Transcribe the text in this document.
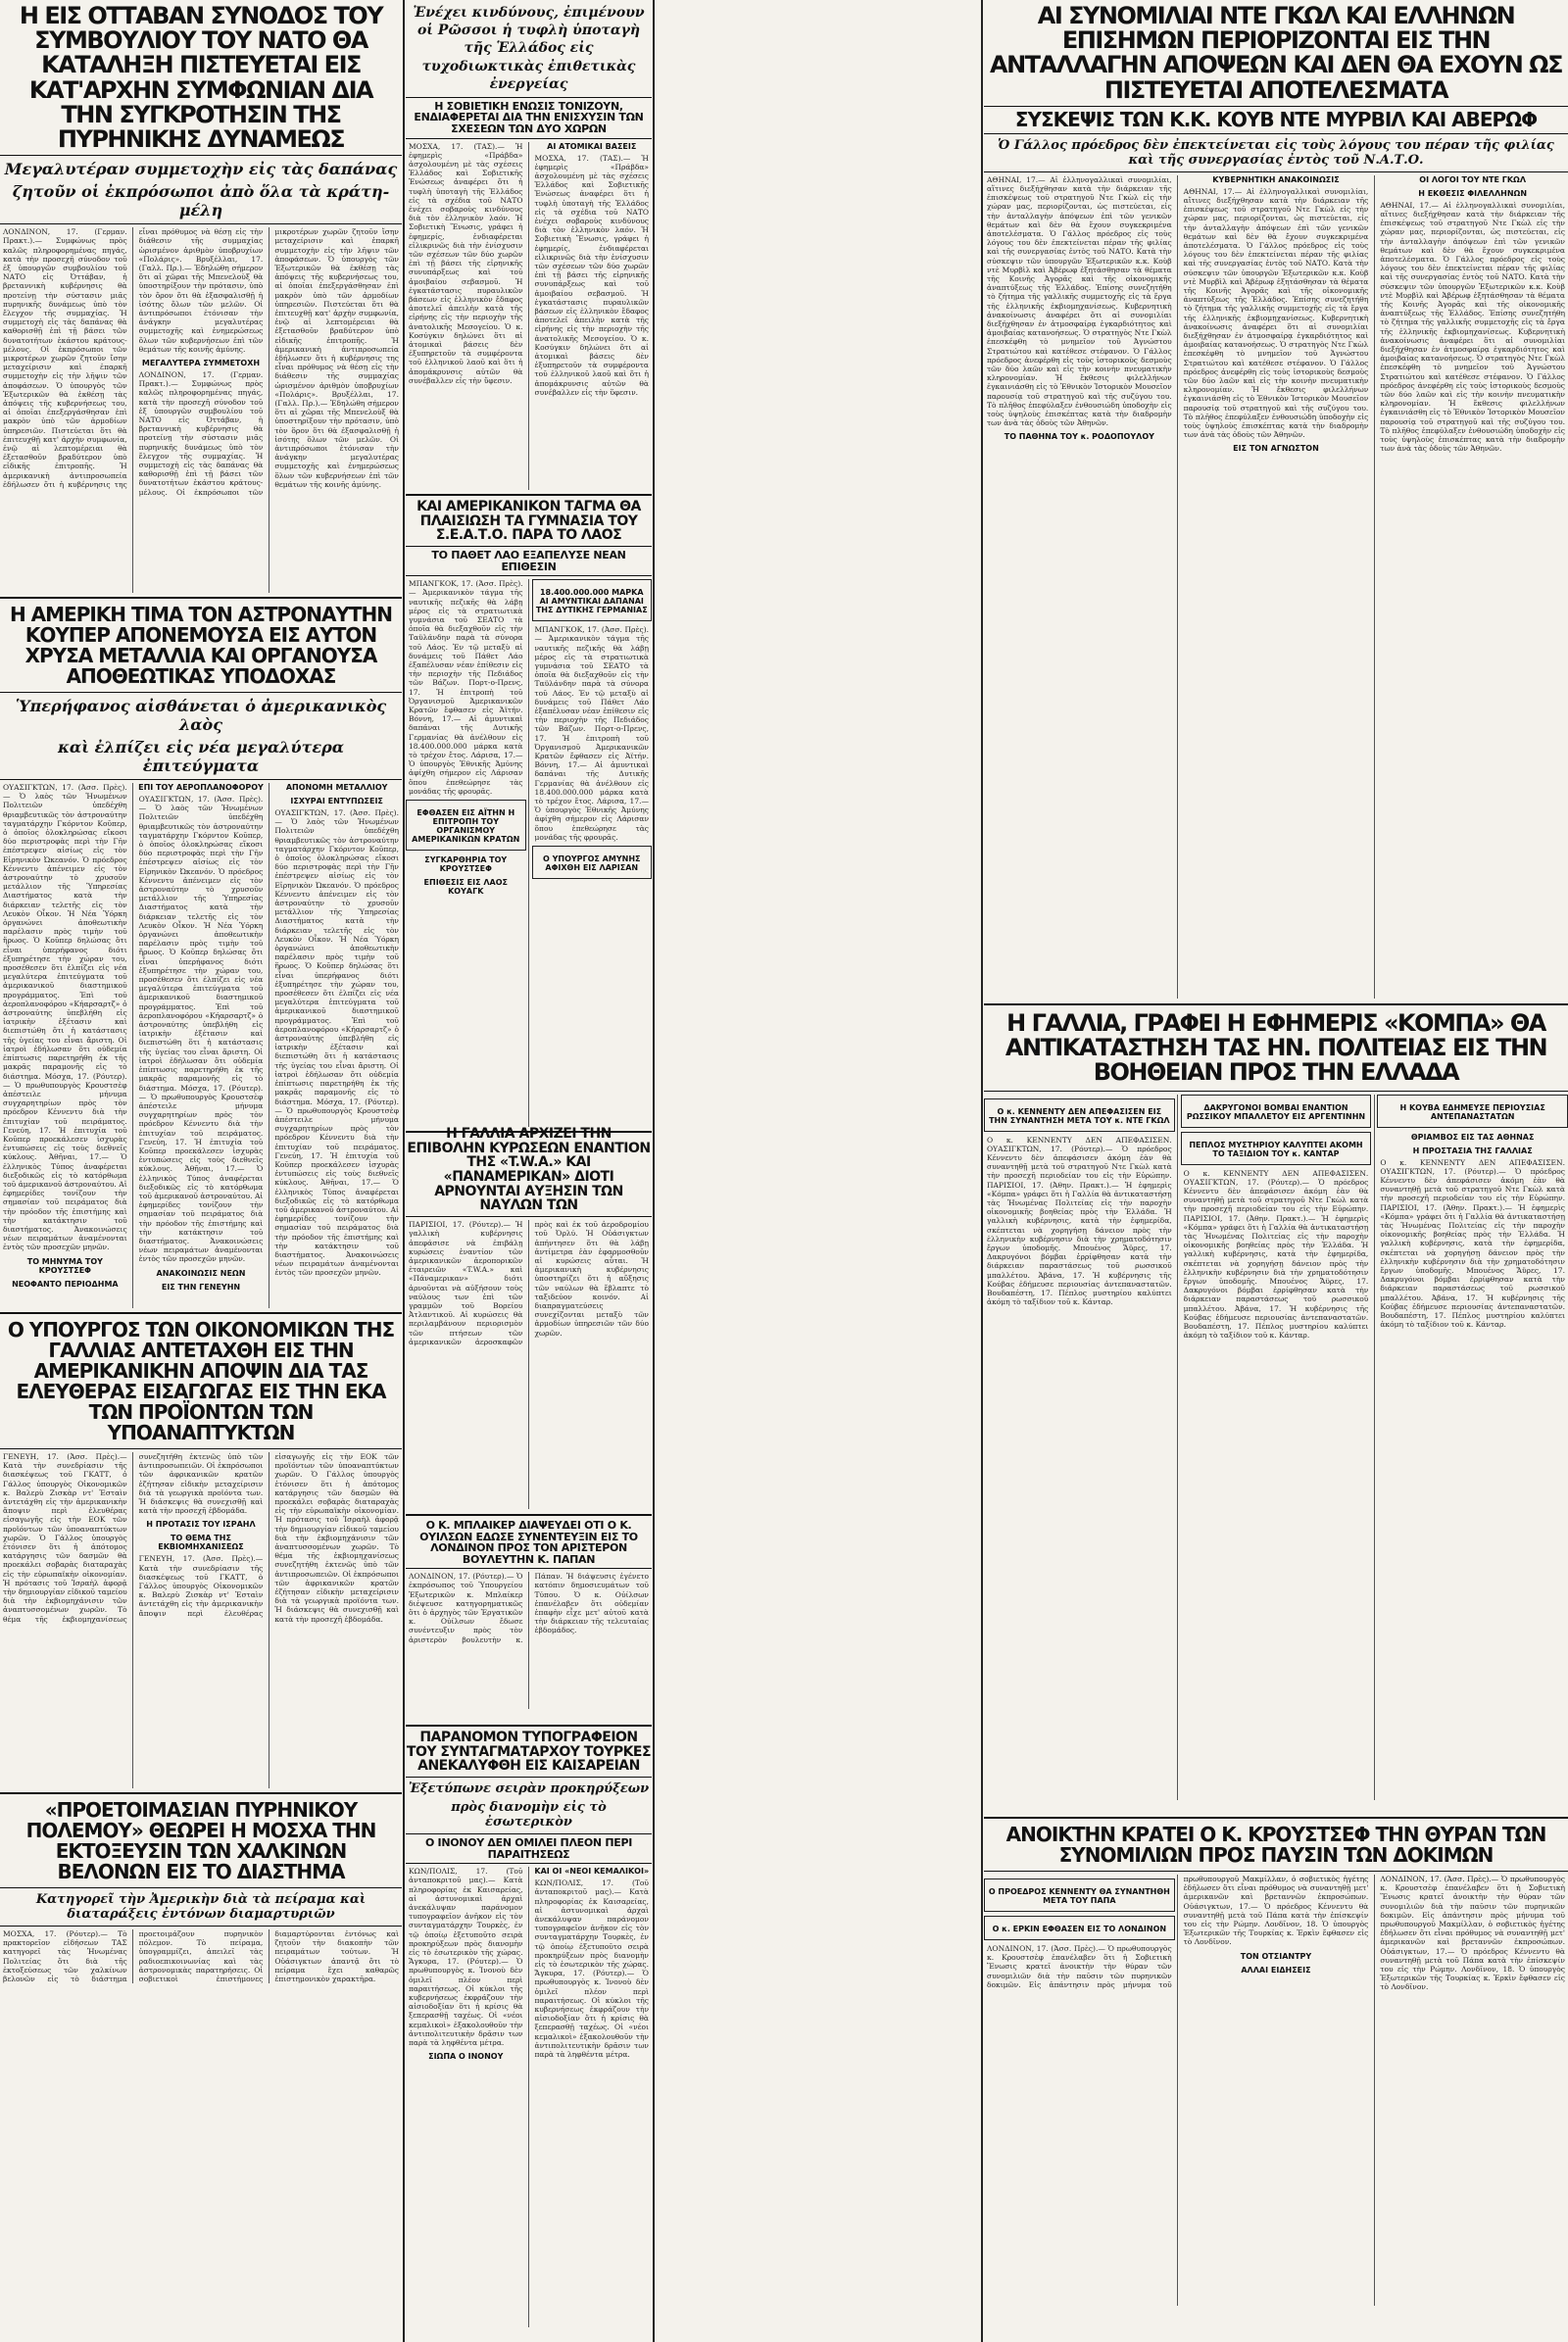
Η ΕΙΣ ΟΤΤΑΒΑΝ ΣΥΝΟΔΟΣ ΤΟΥ ΣΥΜΒΟΥΛΙΟΥ ΤΟΥ ΝΑΤΟ ΘΑ ΚΑΤΑΛΗΞΗ ΠΙΣΤΕΥΕΤΑΙ ΕΙΣ ΚΑΤ'ΑΡΧΗΝ ΣΥΜΦΩΝΙΑΝ ΔΙΑ ΤΗΝ ΣΥΓΚΡΟΤΗΣΙΝ ΤΗΣ ΠΥΡΗΝΙΚΗΣ ΔΥΝΑΜΕΩΣ
Μεγαλυτέραν συμμετοχὴν εἰς τὰς δαπάνας
ζητοῦν οἱ ἐκπρόσωποι ἀπὸ ὅλα τὰ κράτη-μέλη

ΛΟΝΔΙΝΟΝ, 17. (Γερμαν. Πρακτ.).— Συμφώνως πρὸς καλῶς πληροφορημένας πηγάς, κατὰ τὴν προσεχῆ σύνοδον τοῦ ἐξ ὑπουργῶν συμβουλίου τοῦ ΝΑΤΟ εἰς Ὀττάβαν, ἡ βρεταννικὴ κυβέρνησις θὰ προτείνῃ τὴν σύστασιν μιᾶς πυρηνικῆς δυνάμεως ὑπὸ τὸν ἔλεγχον τῆς συμμαχίας. Ἡ συμμετοχὴ εἰς τὰς δαπάνας θὰ καθορισθῇ ἐπὶ τῇ βάσει τῶν δυνατοτήτων ἑκάστου κράτους-μέλους. Οἱ ἐκπρόσωποι τῶν μικροτέρων χωρῶν ζητοῦν ἴσην μεταχείρισιν καὶ ἐπαρκῆ συμμετοχὴν εἰς τὴν λῆψιν τῶν ἀποφάσεων. Ὁ ὑπουργὸς τῶν Ἐξωτερικῶν θὰ ἐκθέσῃ τὰς ἀπόψεις τῆς κυβερνήσεως του, αἱ ὁποῖαι ἐπεξεργάσθησαν ἐπὶ μακρὸν ὑπὸ τῶν ἁρμοδίων ὑπηρεσιῶν. Πιστεύεται ὅτι θὰ ἐπιτευχθῇ κατ' ἀρχὴν συμφωνία, ἐνῷ αἱ λεπτομέρειαι θὰ ἐξετασθοῦν βραδύτερον ὑπὸ εἰδικῆς ἐπιτροπῆς. Ἡ ἀμερικανικὴ ἀντιπροσωπεία ἐδήλωσεν ὅτι ἡ κυβέρνησις της εἶναι πρόθυμος νὰ θέσῃ εἰς τὴν διάθεσιν τῆς συμμαχίας ὡρισμένον ἀριθμὸν ὑποβρυχίων «Πολάρις». Βρυξέλλαι, 17. (Γαλλ. Πρ.).— Ἐδηλώθη σήμερον ὅτι αἱ χῶραι τῆς Μπενελοὺξ θὰ ὑποστηρίξουν τὴν πρότασιν, ὑπὸ τὸν ὅρον ὅτι θὰ ἐξασφαλισθῇ ἡ ἰσότης ὅλων τῶν μελῶν. Οἱ ἀντιπρόσωποι ἐτόνισαν τὴν ἀνάγκην μεγαλυτέρας συμμετοχῆς καὶ ἐνημερώσεως ὅλων τῶν κυβερνήσεων ἐπὶ τῶν θεμάτων τῆς κοινῆς ἀμύνης.

ΜΕΓΑΛΥΤΕΡΑ ΣΥΜΜΕΤΟΧΗ

ΛΟΝΔΙΝΟΝ, 17. (Γερμαν. Πρακτ.).— Συμφώνως πρὸς καλῶς πληροφορημένας πηγάς, κατὰ τὴν προσεχῆ σύνοδον τοῦ ἐξ ὑπουργῶν συμβουλίου τοῦ ΝΑΤΟ εἰς Ὀττάβαν, ἡ βρεταννικὴ κυβέρνησις θὰ προτείνῃ τὴν σύστασιν μιᾶς πυρηνικῆς δυνάμεως ὑπὸ τὸν ἔλεγχον τῆς συμμαχίας. Ἡ συμμετοχὴ εἰς τὰς δαπάνας θὰ καθορισθῇ ἐπὶ τῇ βάσει τῶν δυνατοτήτων ἑκάστου κράτους-μέλους. Οἱ ἐκπρόσωποι τῶν μικροτέρων χωρῶν ζητοῦν ἴσην μεταχείρισιν καὶ ἐπαρκῆ συμμετοχὴν εἰς τὴν λῆψιν τῶν ἀποφάσεων. Ὁ ὑπουργὸς τῶν Ἐξωτερικῶν θὰ ἐκθέσῃ τὰς ἀπόψεις τῆς κυβερνήσεως του, αἱ ὁποῖαι ἐπεξεργάσθησαν ἐπὶ μακρὸν ὑπὸ τῶν ἁρμοδίων ὑπηρεσιῶν. Πιστεύεται ὅτι θὰ ἐπιτευχθῇ κατ' ἀρχὴν συμφωνία, ἐνῷ αἱ λεπτομέρειαι θὰ ἐξετασθοῦν βραδύτερον ὑπὸ εἰδικῆς ἐπιτροπῆς. Ἡ ἀμερικανικὴ ἀντιπροσωπεία ἐδήλωσεν ὅτι ἡ κυβέρνησις της εἶναι πρόθυμος νὰ θέσῃ εἰς τὴν διάθεσιν τῆς συμμαχίας ὡρισμένον ἀριθμὸν ὑποβρυχίων «Πολάρις». Βρυξέλλαι, 17. (Γαλλ. Πρ.).— Ἐδηλώθη σήμερον ὅτι αἱ χῶραι τῆς Μπενελοὺξ θὰ ὑποστηρίξουν τὴν πρότασιν, ὑπὸ τὸν ὅρον ὅτι θὰ ἐξασφαλισθῇ ἡ ἰσότης ὅλων τῶν μελῶν. Οἱ ἀντιπρόσωποι ἐτόνισαν τὴν ἀνάγκην μεγαλυτέρας συμμετοχῆς καὶ ἐνημερώσεως ὅλων τῶν κυβερνήσεων ἐπὶ τῶν θεμάτων τῆς κοινῆς ἀμύνης.

Η ΑΜΕΡΙΚΗ ΤΙΜΑ ΤΟΝ ΑΣΤΡΟΝΑΥΤΗΝ ΚΟΥΠΕΡ ΑΠΟΝΕΜΟΥΣΑ ΕΙΣ ΑΥΤΟΝ ΧΡΥΣΑ ΜΕΤΑΛΛΙΑ ΚΑΙ ΟΡΓΑΝΟΥΣΑ ΑΠΟΘΕΩΤΙΚΑΣ ΥΠΟΔΟΧΑΣ
Ὑπερήφανος αἰσθάνεται ὁ ἀμερικανικὸς λαὸς
καὶ ἐλπίζει εἰς νέα μεγαλύτερα ἐπιτεύγματα

ΟΥΑΣΙΓΚΤΩΝ, 17. (Ἀσσ. Πρὲς).— Ὁ λαὸς τῶν Ἡνωμένων Πολιτειῶν ὑπεδέχθη θριαμβευτικῶς τὸν ἀστροναύτην ταγματάρχην Γκόρντον Κοῦπερ, ὁ ὁποῖος ὁλοκληρώσας εἴκοσι δύο περιστροφὰς περὶ τὴν Γῆν ἐπέστρεψεν αἰσίως εἰς τὸν Εἰρηνικὸν Ὠκεανόν. Ὁ πρόεδρος Κέννεντυ ἀπένειμεν εἰς τὸν ἀστροναύτην τὸ χρυσοῦν μετάλλιον τῆς Ὑπηρεσίας Διαστήματος κατὰ τὴν διάρκειαν τελετῆς εἰς τὸν Λευκὸν Οἶκον. Ἡ Νέα Ὑόρκη ὀργανώνει ἀποθεωτικὴν παρέλασιν πρὸς τιμὴν τοῦ ἥρωος. Ὁ Κοῦπερ δηλώσας ὅτι εἶναι ὑπερήφανος διότι ἐξυπηρέτησε τὴν χώραν του, προσέθεσεν ὅτι ἐλπίζει εἰς νέα μεγαλύτερα ἐπιτεύγματα τοῦ ἀμερικανικοῦ διαστημικοῦ προγράμματος. Ἐπὶ τοῦ ἀεροπλανοφόρου «Κήαρσαρτζ» ὁ ἀστροναύτης ὑπεβλήθη εἰς ἰατρικὴν ἐξέτασιν καὶ διεπιστώθη ὅτι ἡ κατάστασις τῆς ὑγείας του εἶναι ἄριστη. Οἱ ἰατροὶ ἐδήλωσαν ὅτι οὐδεμία ἐπίπτωσις παρετηρήθη ἐκ τῆς μακρᾶς παραμονῆς εἰς τὸ διάστημα. Μόσχα, 17. (Ρόυτερ).— Ὁ πρωθυπουργὸς Κρουστσὲφ ἀπέστειλε μήνυμα συγχαρητηρίων πρὸς τὸν πρόεδρον Κέννεντυ διὰ τὴν ἐπιτυχίαν τοῦ πειράματος. Γενεύη, 17. Ἡ ἐπιτυχία τοῦ Κοῦπερ προεκάλεσεν ἰσχυρὰς ἐντυπώσεις εἰς τοὺς διεθνεῖς κύκλους. Ἀθῆναι, 17.— Ὁ ἑλληνικὸς Τύπος ἀναφέρεται διεξοδικῶς εἰς τὸ κατόρθωμα τοῦ ἀμερικανοῦ ἀστροναύτου. Αἱ ἐφημερίδες τονίζουν τὴν σημασίαν τοῦ πειράματος διὰ τὴν πρόοδον τῆς ἐπιστήμης καὶ τὴν κατάκτησιν τοῦ διαστήματος. Ἀνακοινώσεις νέων πειραμάτων ἀναμένονται ἐντὸς τῶν προσεχῶν μηνῶν.

ΤΟ ΜΗΝΥΜΑ ΤΟΥ ΚΡΟΥΣΤΣΕΦ
ΝΕΟΦΑΝΤΟ ΠΕΡΙΟΔΗΜΑ
ΕΠΙ ΤΟΥ ΑΕΡΟΠΛΑΝΟΦΟΡΟΥ

ΟΥΑΣΙΓΚΤΩΝ, 17. (Ἀσσ. Πρὲς).— Ὁ λαὸς τῶν Ἡνωμένων Πολιτειῶν ὑπεδέχθη θριαμβευτικῶς τὸν ἀστροναύτην ταγματάρχην Γκόρντον Κοῦπερ, ὁ ὁποῖος ὁλοκληρώσας εἴκοσι δύο περιστροφὰς περὶ τὴν Γῆν ἐπέστρεψεν αἰσίως εἰς τὸν Εἰρηνικὸν Ὠκεανόν. Ὁ πρόεδρος Κέννεντυ ἀπένειμεν εἰς τὸν ἀστροναύτην τὸ χρυσοῦν μετάλλιον τῆς Ὑπηρεσίας Διαστήματος κατὰ τὴν διάρκειαν τελετῆς εἰς τὸν Λευκὸν Οἶκον. Ἡ Νέα Ὑόρκη ὀργανώνει ἀποθεωτικὴν παρέλασιν πρὸς τιμὴν τοῦ ἥρωος. Ὁ Κοῦπερ δηλώσας ὅτι εἶναι ὑπερήφανος διότι ἐξυπηρέτησε τὴν χώραν του, προσέθεσεν ὅτι ἐλπίζει εἰς νέα μεγαλύτερα ἐπιτεύγματα τοῦ ἀμερικανικοῦ διαστημικοῦ προγράμματος. Ἐπὶ τοῦ ἀεροπλανοφόρου «Κήαρσαρτζ» ὁ ἀστροναύτης ὑπεβλήθη εἰς ἰατρικὴν ἐξέτασιν καὶ διεπιστώθη ὅτι ἡ κατάστασις τῆς ὑγείας του εἶναι ἄριστη. Οἱ ἰατροὶ ἐδήλωσαν ὅτι οὐδεμία ἐπίπτωσις παρετηρήθη ἐκ τῆς μακρᾶς παραμονῆς εἰς τὸ διάστημα. Μόσχα, 17. (Ρόυτερ).— Ὁ πρωθυπουργὸς Κρουστσὲφ ἀπέστειλε μήνυμα συγχαρητηρίων πρὸς τὸν πρόεδρον Κέννεντυ διὰ τὴν ἐπιτυχίαν τοῦ πειράματος. Γενεύη, 17. Ἡ ἐπιτυχία τοῦ Κοῦπερ προεκάλεσεν ἰσχυρὰς ἐντυπώσεις εἰς τοὺς διεθνεῖς κύκλους. Ἀθῆναι, 17.— Ὁ ἑλληνικὸς Τύπος ἀναφέρεται διεξοδικῶς εἰς τὸ κατόρθωμα τοῦ ἀμερικανοῦ ἀστροναύτου. Αἱ ἐφημερίδες τονίζουν τὴν σημασίαν τοῦ πειράματος διὰ τὴν πρόοδον τῆς ἐπιστήμης καὶ τὴν κατάκτησιν τοῦ διαστήματος. Ἀνακοινώσεις νέων πειραμάτων ἀναμένονται ἐντὸς τῶν προσεχῶν μηνῶν.

ΑΝΑΚΟΙΝΩΣΙΣ ΝΕΩΝ
ΕΙΣ ΤΗΝ ΓΕΝΕΥΗΝ
ΑΠΟΝΟΜΗ ΜΕΤΑΛΛΙΟΥ
ΙΣΧΥΡΑΙ ΕΝΤΥΠΩΣΕΙΣ

ΟΥΑΣΙΓΚΤΩΝ, 17. (Ἀσσ. Πρὲς).— Ὁ λαὸς τῶν Ἡνωμένων Πολιτειῶν ὑπεδέχθη θριαμβευτικῶς τὸν ἀστροναύτην ταγματάρχην Γκόρντον Κοῦπερ, ὁ ὁποῖος ὁλοκληρώσας εἴκοσι δύο περιστροφὰς περὶ τὴν Γῆν ἐπέστρεψεν αἰσίως εἰς τὸν Εἰρηνικὸν Ὠκεανόν. Ὁ πρόεδρος Κέννεντυ ἀπένειμεν εἰς τὸν ἀστροναύτην τὸ χρυσοῦν μετάλλιον τῆς Ὑπηρεσίας Διαστήματος κατὰ τὴν διάρκειαν τελετῆς εἰς τὸν Λευκὸν Οἶκον. Ἡ Νέα Ὑόρκη ὀργανώνει ἀποθεωτικὴν παρέλασιν πρὸς τιμὴν τοῦ ἥρωος. Ὁ Κοῦπερ δηλώσας ὅτι εἶναι ὑπερήφανος διότι ἐξυπηρέτησε τὴν χώραν του, προσέθεσεν ὅτι ἐλπίζει εἰς νέα μεγαλύτερα ἐπιτεύγματα τοῦ ἀμερικανικοῦ διαστημικοῦ προγράμματος. Ἐπὶ τοῦ ἀεροπλανοφόρου «Κήαρσαρτζ» ὁ ἀστροναύτης ὑπεβλήθη εἰς ἰατρικὴν ἐξέτασιν καὶ διεπιστώθη ὅτι ἡ κατάστασις τῆς ὑγείας του εἶναι ἄριστη. Οἱ ἰατροὶ ἐδήλωσαν ὅτι οὐδεμία ἐπίπτωσις παρετηρήθη ἐκ τῆς μακρᾶς παραμονῆς εἰς τὸ διάστημα. Μόσχα, 17. (Ρόυτερ).— Ὁ πρωθυπουργὸς Κρουστσὲφ ἀπέστειλε μήνυμα συγχαρητηρίων πρὸς τὸν πρόεδρον Κέννεντυ διὰ τὴν ἐπιτυχίαν τοῦ πειράματος. Γενεύη, 17. Ἡ ἐπιτυχία τοῦ Κοῦπερ προεκάλεσεν ἰσχυρὰς ἐντυπώσεις εἰς τοὺς διεθνεῖς κύκλους. Ἀθῆναι, 17.— Ὁ ἑλληνικὸς Τύπος ἀναφέρεται διεξοδικῶς εἰς τὸ κατόρθωμα τοῦ ἀμερικανοῦ ἀστροναύτου. Αἱ ἐφημερίδες τονίζουν τὴν σημασίαν τοῦ πειράματος διὰ τὴν πρόοδον τῆς ἐπιστήμης καὶ τὴν κατάκτησιν τοῦ διαστήματος. Ἀνακοινώσεις νέων πειραμάτων ἀναμένονται ἐντὸς τῶν προσεχῶν μηνῶν.

Ο ΥΠΟΥΡΓΟΣ ΤΩΝ ΟΙΚΟΝΟΜΙΚΩΝ ΤΗΣ ΓΑΛΛΙΑΣ ΑΝΤΕΤΑΧΘΗ ΕΙΣ ΤΗΝ ΑΜΕΡΙΚΑΝΙΚΗΝ ΑΠΟΨΙΝ ΔΙΑ ΤΑΣ ΕΛΕΥΘΕΡΑΣ ΕΙΣΑΓΩΓΑΣ ΕΙΣ ΤΗΝ ΕΚΑ ΤΩΝ ΠΡΟΪΟΝΤΩΝ ΤΩΝ ΥΠΟΑΝΑΠΤΥΚΤΩΝ

ΓΕΝΕΥΗ, 17. (Ἀσσ. Πρὲς).— Κατὰ τὴν συνεδρίασιν τῆς διασκέψεως τοῦ ΓΚΑΤΤ, ὁ Γάλλος ὑπουργὸς Οἰκονομικῶν κ. Βαλερὺ Ζισκὰρ ντ' Ἐσταὶν ἀντετάχθη εἰς τὴν ἀμερικανικὴν ἄποψιν περὶ ἐλευθέρας εἰσαγωγῆς εἰς τὴν ΕΟΚ τῶν προϊόντων τῶν ὑποαναπτύκτων χωρῶν. Ὁ Γάλλος ὑπουργὸς ἐτόνισεν ὅτι ἡ ἀπότομος κατάργησις τῶν δασμῶν θὰ προεκάλει σοβαρὰς διαταραχὰς εἰς τὴν εὐρωπαϊκὴν οἰκονομίαν. Ἡ πρότασις τοῦ Ἰσραὴλ ἀφορᾷ τὴν δημιουργίαν εἰδικοῦ ταμείου διὰ τὴν ἐκβιομηχάνισιν τῶν ἀναπτυσσομένων χωρῶν. Τὸ θέμα τῆς ἐκβιομηχανίσεως συνεζητήθη ἐκτενῶς ὑπὸ τῶν ἀντιπροσωπειῶν. Οἱ ἐκπρόσωποι τῶν ἀφρικανικῶν κρατῶν ἐζήτησαν εἰδικὴν μεταχείρισιν διὰ τὰ γεωργικὰ προϊόντα των. Ἡ διάσκεψις θὰ συνεχισθῇ καὶ κατὰ τὴν προσεχῆ ἑβδομάδα.

Η ΠΡΟΤΑΣΙΣ ΤΟΥ ΙΣΡΑΗΛ
ΤΟ ΘΕΜΑ ΤΗΣ ΕΚΒΙΟΜΗΧΑΝΙΣΕΩΣ

ΓΕΝΕΥΗ, 17. (Ἀσσ. Πρὲς).— Κατὰ τὴν συνεδρίασιν τῆς διασκέψεως τοῦ ΓΚΑΤΤ, ὁ Γάλλος ὑπουργὸς Οἰκονομικῶν κ. Βαλερὺ Ζισκὰρ ντ' Ἐσταὶν ἀντετάχθη εἰς τὴν ἀμερικανικὴν ἄποψιν περὶ ἐλευθέρας εἰσαγωγῆς εἰς τὴν ΕΟΚ τῶν προϊόντων τῶν ὑποαναπτύκτων χωρῶν. Ὁ Γάλλος ὑπουργὸς ἐτόνισεν ὅτι ἡ ἀπότομος κατάργησις τῶν δασμῶν θὰ προεκάλει σοβαρὰς διαταραχὰς εἰς τὴν εὐρωπαϊκὴν οἰκονομίαν. Ἡ πρότασις τοῦ Ἰσραὴλ ἀφορᾷ τὴν δημιουργίαν εἰδικοῦ ταμείου διὰ τὴν ἐκβιομηχάνισιν τῶν ἀναπτυσσομένων χωρῶν. Τὸ θέμα τῆς ἐκβιομηχανίσεως συνεζητήθη ἐκτενῶς ὑπὸ τῶν ἀντιπροσωπειῶν. Οἱ ἐκπρόσωποι τῶν ἀφρικανικῶν κρατῶν ἐζήτησαν εἰδικὴν μεταχείρισιν διὰ τὰ γεωργικὰ προϊόντα των. Ἡ διάσκεψις θὰ συνεχισθῇ καὶ κατὰ τὴν προσεχῆ ἑβδομάδα.

«ΠΡΟΕΤΟΙΜΑΣΙΑΝ ΠΥΡΗΝΙΚΟΥ ΠΟΛΕΜΟΥ» ΘΕΩΡΕΙ Η ΜΟΣΧΑ ΤΗΝ ΕΚΤΟΞΕΥΣΙΝ ΤΩΝ ΧΑΛΚΙΝΩΝ ΒΕΛΟΝΩΝ ΕΙΣ ΤΟ ΔΙΑΣΤΗΜΑ
Κατηγορεῖ τὴν Ἀμερικὴν διὰ τὰ πείραμα καὶ διαταράξεις ἐντόνων διαμαρτυριῶν

ΜΟΣΧΑ, 17. (Ρόυτερ).— Τὸ πρακτορεῖον εἰδήσεων ΤΑΣ κατηγορεῖ τὰς Ἡνωμένας Πολιτείας ὅτι διὰ τῆς ἐκτοξεύσεως τῶν χαλκίνων βελονῶν εἰς τὸ διάστημα προετοιμάζουν πυρηνικὸν πόλεμον. Τὸ πείραμα, ὑπογραμμίζει, ἀπειλεῖ τὰς ραδιοεπικοινωνίας καὶ τὰς ἀστρονομικὰς παρατηρήσεις. Οἱ σοβιετικοὶ ἐπιστήμονες διαμαρτύρονται ἐντόνως καὶ ζητοῦν τὴν διακοπὴν τῶν πειραμάτων τούτων. Ἡ Οὐάσιγκτων ἀπαντᾷ ὅτι τὸ πείραμα ἔχει καθαρῶς ἐπιστημονικὸν χαρακτῆρα.

Ἐνέχει κινδύνους, ἐπιμένουν οἱ Ρῶσσοι ἡ τυφλὴ ὑποταγὴ τῆς Ἑλλάδος εἰς τυχοδιωκτικὰς ἐπιθετικὰς ἐνεργείας
Η ΣΟΒΙΕΤΙΚΗ ΕΝΩΣΙΣ ΤΟΝΙΖΟΥΝ, ΕΝΔΙΑΦΕΡΕΤΑΙ ΔΙΑ ΤΗΝ ΕΝΙΣΧΥΣΙΝ ΤΩΝ ΣΧΕΣΕΩΝ ΤΩΝ ΔΥΟ ΧΩΡΩΝ

ΜΟΣΧΑ, 17. (ΤΑΣ).— Ἡ ἐφημερὶς «Πράβδα» ἀσχολουμένη μὲ τὰς σχέσεις Ἑλλάδος καὶ Σοβιετικῆς Ἑνώσεως ἀναφέρει ὅτι ἡ τυφλὴ ὑποταγὴ τῆς Ἑλλάδος εἰς τὰ σχέδια τοῦ ΝΑΤΟ ἐνέχει σοβαροὺς κινδύνους διὰ τὸν ἑλληνικὸν λαόν. Ἡ Σοβιετικὴ Ἕνωσις, γράφει ἡ ἐφημερίς, ἐνδιαφέρεται εἰλικρινῶς διὰ τὴν ἐνίσχυσιν τῶν σχέσεων τῶν δύο χωρῶν ἐπὶ τῇ βάσει τῆς εἰρηνικῆς συνυπάρξεως καὶ τοῦ ἀμοιβαίου σεβασμοῦ. Ἡ ἐγκατάστασις πυραυλικῶν βάσεων εἰς ἑλληνικὸν ἔδαφος ἀποτελεῖ ἀπειλὴν κατὰ τῆς εἰρήνης εἰς τὴν περιοχὴν τῆς ἀνατολικῆς Μεσογείου. Ὁ κ. Κοσύγκιν δηλώνει ὅτι αἱ ἀτομικαὶ βάσεις δὲν ἐξυπηρετοῦν τὰ συμφέροντα τοῦ ἑλληνικοῦ λαοῦ καὶ ὅτι ἡ ἀπομάκρυνσις αὐτῶν θὰ συνέβαλλεν εἰς τὴν ὕφεσιν.

ΑΙ ΑΤΟΜΙΚΑΙ ΒΑΣΕΙΣ

ΜΟΣΧΑ, 17. (ΤΑΣ).— Ἡ ἐφημερὶς «Πράβδα» ἀσχολουμένη μὲ τὰς σχέσεις Ἑλλάδος καὶ Σοβιετικῆς Ἑνώσεως ἀναφέρει ὅτι ἡ τυφλὴ ὑποταγὴ τῆς Ἑλλάδος εἰς τὰ σχέδια τοῦ ΝΑΤΟ ἐνέχει σοβαροὺς κινδύνους διὰ τὸν ἑλληνικὸν λαόν. Ἡ Σοβιετικὴ Ἕνωσις, γράφει ἡ ἐφημερίς, ἐνδιαφέρεται εἰλικρινῶς διὰ τὴν ἐνίσχυσιν τῶν σχέσεων τῶν δύο χωρῶν ἐπὶ τῇ βάσει τῆς εἰρηνικῆς συνυπάρξεως καὶ τοῦ ἀμοιβαίου σεβασμοῦ. Ἡ ἐγκατάστασις πυραυλικῶν βάσεων εἰς ἑλληνικὸν ἔδαφος ἀποτελεῖ ἀπειλὴν κατὰ τῆς εἰρήνης εἰς τὴν περιοχὴν τῆς ἀνατολικῆς Μεσογείου. Ὁ κ. Κοσύγκιν δηλώνει ὅτι αἱ ἀτομικαὶ βάσεις δὲν ἐξυπηρετοῦν τὰ συμφέροντα τοῦ ἑλληνικοῦ λαοῦ καὶ ὅτι ἡ ἀπομάκρυνσις αὐτῶν θὰ συνέβαλλεν εἰς τὴν ὕφεσιν.

ΚΑΙ ΑΜΕΡΙΚΑΝΙΚΟΝ ΤΑΓΜΑ ΘΑ ΠΛΑΙΣΙΩΣΗ ΤΑ ΓΥΜΝΑΣΙΑ ΤΟΥ Σ.Ε.Α.Τ.Ο. ΠΑΡΑ ΤΟ ΛΑΟΣ
ΤΟ ΠΑΘΕΤ ΛΑΟ ΕΞΑΠΕΛΥΣΕ ΝΕΑΝ ΕΠΙΘΕΣΙΝ

ΜΠΑΝΓΚΟΚ, 17. (Ἀσσ. Πρὲς).— Ἀμερικανικὸν τάγμα τῆς ναυτικῆς πεζικῆς θὰ λάβῃ μέρος εἰς τὰ στρατιωτικὰ γυμνάσια τοῦ ΣΕΑΤΟ τὰ ὁποῖα θὰ διεξαχθοῦν εἰς τὴν Ταϋλάνδην παρὰ τὰ σύνορα τοῦ Λάος. Ἐν τῷ μεταξὺ αἱ δυνάμεις τοῦ Πάθετ Λάο ἐξαπέλυσαν νέαν ἐπίθεσιν εἰς τὴν περιοχὴν τῆς Πεδιάδος τῶν Βάζων. Πορτ-ο-Πρενς, 17. Ἡ ἐπιτροπὴ τοῦ Ὀργανισμοῦ Ἀμερικανικῶν Κρατῶν ἔφθασεν εἰς Ἀϊτήν. Βόννη, 17.— Αἱ ἀμυντικαὶ δαπάναι τῆς Δυτικῆς Γερμανίας θὰ ἀνέλθουν εἰς 18.400.000.000 μάρκα κατὰ τὸ τρέχον ἔτος. Λάρισα, 17.— Ὁ ὑπουργὸς Ἐθνικῆς Ἀμύνης ἀφίχθη σήμερον εἰς Λάρισαν ὅπου ἐπεθεώρησε τὰς μονάδας τῆς φρουρᾶς.

ΕΦΘΑΣΕΝ ΕΙΣ ΑΪΤΗΝ Η ΕΠΙΤΡΟΠΗ ΤΟΥ ΟΡΓΑΝΙΣΜΟΥ ΑΜΕΡΙΚΑΝΙΚΩΝ ΚΡΑΤΩΝ
ΣΥΓΚΑΡΘΗΡΙΑ ΤΟΥ ΚΡΟΥΣΤΣΕΦ
ΕΠΙΘΕΣΙΣ ΕΙΣ ΛΑΟΣ ΚΟΥΑΓΚ
18.400.000.000 ΜΑΡΚΑ ΑΙ ΑΜΥΝΤΙΚΑΙ ΔΑΠΑΝΑΙ ΤΗΣ ΔΥΤΙΚΗΣ ΓΕΡΜΑΝΙΑΣ

ΜΠΑΝΓΚΟΚ, 17. (Ἀσσ. Πρὲς).— Ἀμερικανικὸν τάγμα τῆς ναυτικῆς πεζικῆς θὰ λάβῃ μέρος εἰς τὰ στρατιωτικὰ γυμνάσια τοῦ ΣΕΑΤΟ τὰ ὁποῖα θὰ διεξαχθοῦν εἰς τὴν Ταϋλάνδην παρὰ τὰ σύνορα τοῦ Λάος. Ἐν τῷ μεταξὺ αἱ δυνάμεις τοῦ Πάθετ Λάο ἐξαπέλυσαν νέαν ἐπίθεσιν εἰς τὴν περιοχὴν τῆς Πεδιάδος τῶν Βάζων. Πορτ-ο-Πρενς, 17. Ἡ ἐπιτροπὴ τοῦ Ὀργανισμοῦ Ἀμερικανικῶν Κρατῶν ἔφθασεν εἰς Ἀϊτήν. Βόννη, 17.— Αἱ ἀμυντικαὶ δαπάναι τῆς Δυτικῆς Γερμανίας θὰ ἀνέλθουν εἰς 18.400.000.000 μάρκα κατὰ τὸ τρέχον ἔτος. Λάρισα, 17.— Ὁ ὑπουργὸς Ἐθνικῆς Ἀμύνης ἀφίχθη σήμερον εἰς Λάρισαν ὅπου ἐπεθεώρησε τὰς μονάδας τῆς φρουρᾶς.

Ο ΥΠΟΥΡΓΟΣ ΑΜΥΝΗΣ ΑΦΙΧΘΗ ΕΙΣ ΛΑΡΙΣΑΝ
Η ΓΑΛΛΙΑ ΑΡΧΙΖΕΙ ΤΗΝ ΕΠΙΒΟΛΗΝ ΚΥΡΩΣΕΩΝ ΕΝΑΝΤΙΟΝ ΤΗΣ «T.W.A.» ΚΑΙ «ΠΑΝΑΜΕΡΙΚΑΝ» ΔΙΟΤΙ ΑΡΝΟΥΝΤΑΙ ΑΥΞΗΣΙΝ ΤΩΝ ΝΑΥΛΩΝ ΤΩΝ

ΠΑΡΙΣΙΟΙ, 17. (Ρόυτερ).— Ἡ γαλλικὴ κυβέρνησις ἀπεφάσισε νὰ ἐπιβάλῃ κυρώσεις ἐναντίον τῶν ἀμερικανικῶν ἀεροπορικῶν ἑταιρειῶν «T.W.A.» καὶ «Πάναμερικαν» διότι ἀρνοῦνται νὰ αὐξήσουν τοὺς ναύλους των ἐπὶ τῶν γραμμῶν τοῦ Βορείου Ἀτλαντικοῦ. Αἱ κυρώσεις θὰ περιλαμβάνουν περιορισμὸν τῶν πτήσεων τῶν ἀμερικανικῶν ἀεροσκαφῶν πρὸς καὶ ἐκ τοῦ ἀεροδρομίου τοῦ Ὀρλύ. Ἡ Οὐάσιγκτων ἀπήντησεν ὅτι θὰ λάβῃ ἀντίμετρα ἐὰν ἐφαρμοσθοῦν αἱ κυρώσεις αὗται. Ἡ ἀμερικανικὴ κυβέρνησις ὑποστηρίζει ὅτι ἡ αὔξησις τῶν ναύλων θὰ ἔβλαπτε τὸ ταξιδεύον κοινόν. Αἱ διαπραγματεύσεις συνεχίζονται μεταξὺ τῶν ἁρμοδίων ὑπηρεσιῶν τῶν δύο χωρῶν.

Ο Κ. ΜΠΛΑΙΚΕΡ ΔΙΑΨΕΥΔΕΙ ΟΤΙ Ο Κ. ΟΥΙΛΣΩΝ ΕΔΩΣΕ ΣΥΝΕΝΤΕΥΞΙΝ ΕΙΣ ΤΟ ΛΟΝΔΙΝΟΝ ΠΡΟΣ ΤΟΝ ΑΡΙΣΤΕΡΟΝ ΒΟΥΛΕΥΤΗΝ Κ. ΠΑΠΑΝ

ΛΟΝΔΙΝΟΝ, 17. (Ρόυτερ).— Ὁ ἐκπρόσωπος τοῦ Ὑπουργείου Ἐξωτερικῶν κ. Μπλαίκερ διέψευσε κατηγορηματικῶς ὅτι ὁ ἀρχηγὸς τῶν Ἐργατικῶν κ. Οὐίλσων ἔδωσε συνέντευξιν πρὸς τὸν ἀριστερὸν βουλευτὴν κ. Πάπαν. Ἡ διάψευσις ἐγένετο κατόπιν δημοσιευμάτων τοῦ Τύπου. Ὁ κ. Οὐίλσων ἐπανέλαβεν ὅτι οὐδεμίαν ἐπαφὴν εἶχε μετ' αὐτοῦ κατὰ τὴν διάρκειαν τῆς τελευταίας ἑβδομάδος.

ΠΑΡΑΝΟΜΟΝ ΤΥΠΟΓΡΑΦΕΙΟΝ ΤΟΥ ΣΥΝΤΑΓΜΑΤΑΡΧΟΥ ΤΟΥΡΚΕΣ ΑΝΕΚΑΛΥΦΘΗ ΕΙΣ ΚΑΙΣΑΡΕΙΑΝ
Ἐξετύπωνε σειρὰν προκηρύξεων
πρὸς διανομὴν εἰς τὸ ἐσωτερικὸν
Ο ΙΝΟΝΟΥ ΔΕΝ ΟΜΙΛΕΙ ΠΛΕΟΝ ΠΕΡΙ ΠΑΡΑΙΤΗΣΕΩΣ

ΚΩΝ/ΠΟΛΙΣ, 17. (Τοῦ ἀνταποκριτοῦ μας).— Κατὰ πληροφορίας ἐκ Καισαρείας, αἱ ἀστυνομικαὶ ἀρχαὶ ἀνεκάλυψαν παράνομον τυπογραφεῖον ἀνῆκον εἰς τὸν συνταγματάρχην Τουρκὲς, ἐν τῷ ὁποίῳ ἐξετυποῦτο σειρὰ προκηρύξεων πρὸς διανομὴν εἰς τὸ ἐσωτερικὸν τῆς χώρας. Ἄγκυρα, 17. (Ρόυτερ).— Ὁ πρωθυπουργὸς κ. Ἰνονοὺ δὲν ὁμιλεῖ πλέον περὶ παραιτήσεως. Οἱ κύκλοι τῆς κυβερνήσεως ἐκφράζουν τὴν αἰσιοδοξίαν ὅτι ἡ κρίσις θὰ ξεπερασθῇ ταχέως. Οἱ «νέοι κεμαλικοὶ» ἐξακολουθοῦν τὴν ἀντιπολιτευτικὴν δρᾶσιν των παρὰ τὰ ληφθέντα μέτρα.

ΣΙΩΠΑ Ο ΙΝΟΝΟΥ
ΚΑΙ ΟΙ «ΝΕΟΙ ΚΕΜΑΛΙΚΟΙ»

ΚΩΝ/ΠΟΛΙΣ, 17. (Τοῦ ἀνταποκριτοῦ μας).— Κατὰ πληροφορίας ἐκ Καισαρείας, αἱ ἀστυνομικαὶ ἀρχαὶ ἀνεκάλυψαν παράνομον τυπογραφεῖον ἀνῆκον εἰς τὸν συνταγματάρχην Τουρκὲς, ἐν τῷ ὁποίῳ ἐξετυποῦτο σειρὰ προκηρύξεων πρὸς διανομὴν εἰς τὸ ἐσωτερικὸν τῆς χώρας. Ἄγκυρα, 17. (Ρόυτερ).— Ὁ πρωθυπουργὸς κ. Ἰνονοὺ δὲν ὁμιλεῖ πλέον περὶ παραιτήσεως. Οἱ κύκλοι τῆς κυβερνήσεως ἐκφράζουν τὴν αἰσιοδοξίαν ὅτι ἡ κρίσις θὰ ξεπερασθῇ ταχέως. Οἱ «νέοι κεμαλικοὶ» ἐξακολουθοῦν τὴν ἀντιπολιτευτικὴν δρᾶσιν των παρὰ τὰ ληφθέντα μέτρα.

ΑΙ ΣΥΝΟΜΙΛΙΑΙ ΝΤΕ ΓΚΩΛ ΚΑΙ ΕΛΛΗΝΩΝ ΕΠΙΣΗΜΩΝ ΠΕΡΙΟΡΙΖΟΝΤΑΙ ΕΙΣ ΤΗΝ ΑΝΤΑΛΛΑΓΗΝ ΑΠΟΨΕΩΝ ΚΑΙ ΔΕΝ ΘΑ ΕΧΟΥΝ ΩΣ ΠΙΣΤΕΥΕΤΑΙ ΑΠΟΤΕΛΕΣΜΑΤΑ
ΣΥΣΚΕΨΙΣ ΤΩΝ Κ.Κ. ΚΟΥΒ ΝΤΕ ΜΥΡΒΙΛ ΚΑΙ ΑΒΕΡΩΦ
Ὁ Γάλλος πρόεδρος δὲν ἐπεκτείνεται εἰς τοὺς λόγους του πέραν τῆς φιλίας καὶ τῆς συνεργασίας ἐντὸς τοῦ Ν.Α.Τ.Ο.

ΑΘΗΝΑΙ, 17.— Αἱ ἑλληνογαλλικαὶ συνομιλίαι, αἵτινες διεξήχθησαν κατὰ τὴν διάρκειαν τῆς ἐπισκέψεως τοῦ στρατηγοῦ Ντε Γκὼλ εἰς τὴν χώραν μας, περιορίζονται, ὡς πιστεύεται, εἰς τὴν ἀνταλλαγὴν ἀπόψεων ἐπὶ τῶν γενικῶν θεμάτων καὶ δὲν θὰ ἔχουν συγκεκριμένα ἀποτελέσματα. Ὁ Γάλλος πρόεδρος εἰς τοὺς λόγους του δὲν ἐπεκτείνεται πέραν τῆς φιλίας καὶ τῆς συνεργασίας ἐντὸς τοῦ ΝΑΤΟ. Κατὰ τὴν σύσκεψιν τῶν ὑπουργῶν Ἐξωτερικῶν κ.κ. Κοὺβ ντὲ Μυρβὶλ καὶ Ἀβέρωφ ἐξητάσθησαν τὰ θέματα τῆς Κοινῆς Ἀγορᾶς καὶ τῆς οἰκονομικῆς ἀναπτύξεως τῆς Ἑλλάδος. Ἐπίσης συνεζητήθη τὸ ζήτημα τῆς γαλλικῆς συμμετοχῆς εἰς τὰ ἔργα τῆς ἑλληνικῆς ἐκβιομηχανίσεως. Κυβερνητικὴ ἀνακοίνωσις ἀναφέρει ὅτι αἱ συνομιλίαι διεξήχθησαν ἐν ἀτμοσφαίρᾳ ἐγκαρδιότητος καὶ ἀμοιβαίας κατανοήσεως. Ὁ στρατηγὸς Ντε Γκὼλ ἐπεσκέφθη τὸ μνημεῖον τοῦ Ἀγνώστου Στρατιώτου καὶ κατέθεσε στέφανον. Ὁ Γάλλος πρόεδρος ἀνεφέρθη εἰς τοὺς ἱστορικοὺς δεσμοὺς τῶν δύο λαῶν καὶ εἰς τὴν κοινὴν πνευματικὴν κληρονομίαν. Ἡ ἔκθεσις φιλελλήνων ἐγκαινιάσθη εἰς τὸ Ἐθνικὸν Ἱστορικὸν Μουσεῖον παρουσίᾳ τοῦ στρατηγοῦ καὶ τῆς συζύγου του. Τὸ πλῆθος ἐπεφύλαξεν ἐνθουσιώδη ὑποδοχὴν εἰς τοὺς ὑψηλοὺς ἐπισκέπτας κατὰ τὴν διαδρομὴν των ἀνὰ τὰς ὁδοὺς τῶν Ἀθηνῶν.

ΤΟ ΠΑΘΗΝΑ ΤΟΥ κ. ΡΟΔΟΠΟΥΛΟΥ
ΚΥΒΕΡΝΗΤΙΚΗ ΑΝΑΚΟΙΝΩΣΙΣ

ΑΘΗΝΑΙ, 17.— Αἱ ἑλληνογαλλικαὶ συνομιλίαι, αἵτινες διεξήχθησαν κατὰ τὴν διάρκειαν τῆς ἐπισκέψεως τοῦ στρατηγοῦ Ντε Γκὼλ εἰς τὴν χώραν μας, περιορίζονται, ὡς πιστεύεται, εἰς τὴν ἀνταλλαγὴν ἀπόψεων ἐπὶ τῶν γενικῶν θεμάτων καὶ δὲν θὰ ἔχουν συγκεκριμένα ἀποτελέσματα. Ὁ Γάλλος πρόεδρος εἰς τοὺς λόγους του δὲν ἐπεκτείνεται πέραν τῆς φιλίας καὶ τῆς συνεργασίας ἐντὸς τοῦ ΝΑΤΟ. Κατὰ τὴν σύσκεψιν τῶν ὑπουργῶν Ἐξωτερικῶν κ.κ. Κοὺβ ντὲ Μυρβὶλ καὶ Ἀβέρωφ ἐξητάσθησαν τὰ θέματα τῆς Κοινῆς Ἀγορᾶς καὶ τῆς οἰκονομικῆς ἀναπτύξεως τῆς Ἑλλάδος. Ἐπίσης συνεζητήθη τὸ ζήτημα τῆς γαλλικῆς συμμετοχῆς εἰς τὰ ἔργα τῆς ἑλληνικῆς ἐκβιομηχανίσεως. Κυβερνητικὴ ἀνακοίνωσις ἀναφέρει ὅτι αἱ συνομιλίαι διεξήχθησαν ἐν ἀτμοσφαίρᾳ ἐγκαρδιότητος καὶ ἀμοιβαίας κατανοήσεως. Ὁ στρατηγὸς Ντε Γκὼλ ἐπεσκέφθη τὸ μνημεῖον τοῦ Ἀγνώστου Στρατιώτου καὶ κατέθεσε στέφανον. Ὁ Γάλλος πρόεδρος ἀνεφέρθη εἰς τοὺς ἱστορικοὺς δεσμοὺς τῶν δύο λαῶν καὶ εἰς τὴν κοινὴν πνευματικὴν κληρονομίαν. Ἡ ἔκθεσις φιλελλήνων ἐγκαινιάσθη εἰς τὸ Ἐθνικὸν Ἱστορικὸν Μουσεῖον παρουσίᾳ τοῦ στρατηγοῦ καὶ τῆς συζύγου του. Τὸ πλῆθος ἐπεφύλαξεν ἐνθουσιώδη ὑποδοχὴν εἰς τοὺς ὑψηλοὺς ἐπισκέπτας κατὰ τὴν διαδρομὴν των ἀνὰ τὰς ὁδοὺς τῶν Ἀθηνῶν.

ΕΙΣ ΤΟΝ ΑΓΝΩΣΤΟΝ
ΟΙ ΛΟΓΟΙ ΤΟΥ ΝΤΕ ΓΚΩΛ
Η ΕΚΘΕΣΙΣ ΦΙΛΕΛΛΗΝΩΝ

ΑΘΗΝΑΙ, 17.— Αἱ ἑλληνογαλλικαὶ συνομιλίαι, αἵτινες διεξήχθησαν κατὰ τὴν διάρκειαν τῆς ἐπισκέψεως τοῦ στρατηγοῦ Ντε Γκὼλ εἰς τὴν χώραν μας, περιορίζονται, ὡς πιστεύεται, εἰς τὴν ἀνταλλαγὴν ἀπόψεων ἐπὶ τῶν γενικῶν θεμάτων καὶ δὲν θὰ ἔχουν συγκεκριμένα ἀποτελέσματα. Ὁ Γάλλος πρόεδρος εἰς τοὺς λόγους του δὲν ἐπεκτείνεται πέραν τῆς φιλίας καὶ τῆς συνεργασίας ἐντὸς τοῦ ΝΑΤΟ. Κατὰ τὴν σύσκεψιν τῶν ὑπουργῶν Ἐξωτερικῶν κ.κ. Κοὺβ ντὲ Μυρβὶλ καὶ Ἀβέρωφ ἐξητάσθησαν τὰ θέματα τῆς Κοινῆς Ἀγορᾶς καὶ τῆς οἰκονομικῆς ἀναπτύξεως τῆς Ἑλλάδος. Ἐπίσης συνεζητήθη τὸ ζήτημα τῆς γαλλικῆς συμμετοχῆς εἰς τὰ ἔργα τῆς ἑλληνικῆς ἐκβιομηχανίσεως. Κυβερνητικὴ ἀνακοίνωσις ἀναφέρει ὅτι αἱ συνομιλίαι διεξήχθησαν ἐν ἀτμοσφαίρᾳ ἐγκαρδιότητος καὶ ἀμοιβαίας κατανοήσεως. Ὁ στρατηγὸς Ντε Γκὼλ ἐπεσκέφθη τὸ μνημεῖον τοῦ Ἀγνώστου Στρατιώτου καὶ κατέθεσε στέφανον. Ὁ Γάλλος πρόεδρος ἀνεφέρθη εἰς τοὺς ἱστορικοὺς δεσμοὺς τῶν δύο λαῶν καὶ εἰς τὴν κοινὴν πνευματικὴν κληρονομίαν. Ἡ ἔκθεσις φιλελλήνων ἐγκαινιάσθη εἰς τὸ Ἐθνικὸν Ἱστορικὸν Μουσεῖον παρουσίᾳ τοῦ στρατηγοῦ καὶ τῆς συζύγου του. Τὸ πλῆθος ἐπεφύλαξεν ἐνθουσιώδη ὑποδοχὴν εἰς τοὺς ὑψηλοὺς ἐπισκέπτας κατὰ τὴν διαδρομὴν των ἀνὰ τὰς ὁδοὺς τῶν Ἀθηνῶν.

Η ΓΑΛΛΙΑ, ΓΡΑΦΕΙ Η ΕΦΗΜΕΡΙΣ «ΚΟΜΠΑ» ΘΑ ΑΝΤΙΚΑΤΑΣΤΗΣΗ ΤΑΣ ΗΝ. ΠΟΛΙΤΕΙΑΣ ΕΙΣ ΤΗΝ ΒΟΗΘΕΙΑΝ ΠΡΟΣ ΤΗΝ ΕΛΛΑΔΑ
Ο κ. ΚΕΝΝΕΝΤΥ ΔΕΝ ΑΠΕΦΑΣΙΣΕΝ ΕΙΣ ΤΗΝ ΣΥΝΑΝΤΗΣΗ ΜΕΤΑ ΤΟΥ κ. ΝΤΕ ΓΚΩΛ

Ο κ. ΚΕΝΝΕΝΤΥ ΔΕΝ ΑΠΕΦΑΣΙΣΕΝ. ΟΥΑΣΙΓΚΤΩΝ, 17. (Ρόυτερ).— Ὁ πρόεδρος Κέννεντυ δὲν ἀπεφάσισεν ἀκόμη ἐὰν θὰ συναντηθῇ μετὰ τοῦ στρατηγοῦ Ντε Γκὼλ κατὰ τὴν προσεχῆ περιοδείαν του εἰς τὴν Εὐρώπην. ΠΑΡΙΣΙΟΙ, 17. (Ἀθην. Πρακτ.).— Ἡ ἐφημερὶς «Κόμπα» γράφει ὅτι ἡ Γαλλία θὰ ἀντικαταστήσῃ τὰς Ἡνωμένας Πολιτείας εἰς τὴν παροχὴν οἰκονομικῆς βοηθείας πρὸς τὴν Ἑλλάδα. Ἡ γαλλικὴ κυβέρνησις, κατὰ τὴν ἐφημερίδα, σκέπτεται νὰ χορηγήσῃ δάνειον πρὸς τὴν ἑλληνικὴν κυβέρνησιν διὰ τὴν χρηματοδότησιν ἔργων ὑποδομῆς. Μπουένος Ἄϋρες, 17. Δακρυγόνοι βόμβαι ἐρρίφθησαν κατὰ τὴν διάρκειαν παραστάσεως τοῦ ρωσσικοῦ μπαλλέτου. Ἀβάνα, 17. Ἡ κυβέρνησις τῆς Κούβας ἐδήμευσε περιουσίας ἀντεπαναστατῶν. Βουδαπέστη, 17. Πέπλος μυστηρίου καλύπτει ἀκόμη τὸ ταξίδιον τοῦ κ. Κάνταρ.

ΔΑΚΡΥΓΟΝΟΙ ΒΟΜΒΑΙ ΕΝΑΝΤΙΟΝ ΡΩΣΣΙΚΟΥ ΜΠΑΛΛΕΤΟΥ ΕΙΣ ΑΡΓΕΝΤΙΝΗΝ
ΠΕΠΛΟΣ ΜΥΣΤΗΡΙΟΥ ΚΑΛΥΠΤΕΙ ΑΚΟΜΗ ΤΟ ΤΑΞΙΔΙΟΝ ΤΟΥ κ. ΚΑΝΤΑΡ

Ο κ. ΚΕΝΝΕΝΤΥ ΔΕΝ ΑΠΕΦΑΣΙΣΕΝ. ΟΥΑΣΙΓΚΤΩΝ, 17. (Ρόυτερ).— Ὁ πρόεδρος Κέννεντυ δὲν ἀπεφάσισεν ἀκόμη ἐὰν θὰ συναντηθῇ μετὰ τοῦ στρατηγοῦ Ντε Γκὼλ κατὰ τὴν προσεχῆ περιοδείαν του εἰς τὴν Εὐρώπην. ΠΑΡΙΣΙΟΙ, 17. (Ἀθην. Πρακτ.).— Ἡ ἐφημερὶς «Κόμπα» γράφει ὅτι ἡ Γαλλία θὰ ἀντικαταστήσῃ τὰς Ἡνωμένας Πολιτείας εἰς τὴν παροχὴν οἰκονομικῆς βοηθείας πρὸς τὴν Ἑλλάδα. Ἡ γαλλικὴ κυβέρνησις, κατὰ τὴν ἐφημερίδα, σκέπτεται νὰ χορηγήσῃ δάνειον πρὸς τὴν ἑλληνικὴν κυβέρνησιν διὰ τὴν χρηματοδότησιν ἔργων ὑποδομῆς. Μπουένος Ἄϋρες, 17. Δακρυγόνοι βόμβαι ἐρρίφθησαν κατὰ τὴν διάρκειαν παραστάσεως τοῦ ρωσσικοῦ μπαλλέτου. Ἀβάνα, 17. Ἡ κυβέρνησις τῆς Κούβας ἐδήμευσε περιουσίας ἀντεπαναστατῶν. Βουδαπέστη, 17. Πέπλος μυστηρίου καλύπτει ἀκόμη τὸ ταξίδιον τοῦ κ. Κάνταρ.

Η ΚΟΥΒΑ ΕΔΗΜΕΥΣΕ ΠΕΡΙΟΥΣΙΑΣ ΑΝΤΕΠΑΝΑΣΤΑΤΩΝ
ΘΡΙΑΜΒΟΣ ΕΙΣ ΤΑΣ ΑΘΗΝΑΣ
Η ΠΡΟΣΤΑΣΙΑ ΤΗΣ ΓΑΛΛΙΑΣ

Ο κ. ΚΕΝΝΕΝΤΥ ΔΕΝ ΑΠΕΦΑΣΙΣΕΝ. ΟΥΑΣΙΓΚΤΩΝ, 17. (Ρόυτερ).— Ὁ πρόεδρος Κέννεντυ δὲν ἀπεφάσισεν ἀκόμη ἐὰν θὰ συναντηθῇ μετὰ τοῦ στρατηγοῦ Ντε Γκὼλ κατὰ τὴν προσεχῆ περιοδείαν του εἰς τὴν Εὐρώπην. ΠΑΡΙΣΙΟΙ, 17. (Ἀθην. Πρακτ.).— Ἡ ἐφημερὶς «Κόμπα» γράφει ὅτι ἡ Γαλλία θὰ ἀντικαταστήσῃ τὰς Ἡνωμένας Πολιτείας εἰς τὴν παροχὴν οἰκονομικῆς βοηθείας πρὸς τὴν Ἑλλάδα. Ἡ γαλλικὴ κυβέρνησις, κατὰ τὴν ἐφημερίδα, σκέπτεται νὰ χορηγήσῃ δάνειον πρὸς τὴν ἑλληνικὴν κυβέρνησιν διὰ τὴν χρηματοδότησιν ἔργων ὑποδομῆς. Μπουένος Ἄϋρες, 17. Δακρυγόνοι βόμβαι ἐρρίφθησαν κατὰ τὴν διάρκειαν παραστάσεως τοῦ ρωσσικοῦ μπαλλέτου. Ἀβάνα, 17. Ἡ κυβέρνησις τῆς Κούβας ἐδήμευσε περιουσίας ἀντεπαναστατῶν. Βουδαπέστη, 17. Πέπλος μυστηρίου καλύπτει ἀκόμη τὸ ταξίδιον τοῦ κ. Κάνταρ.

ΑΝΟΙΚΤΗΝ ΚΡΑΤΕΙ Ο Κ. ΚΡΟΥΣΤΣΕΦ ΤΗΝ ΘΥΡΑΝ ΤΩΝ ΣΥΝΟΜΙΛΙΩΝ ΠΡΟΣ ΠΑΥΣΙΝ ΤΩΝ ΔΟΚΙΜΩΝ
Ο ΠΡΟΕΔΡΟΣ ΚΕΝΝΕΝΤΥ ΘΑ ΣΥΝΑΝΤΗΘΗ ΜΕΤΑ ΤΟΥ ΠΑΠΑ
Ο κ. ΕΡΚΙΝ ΕΦΘΑΣΕΝ ΕΙΣ ΤΟ ΛΟΝΔΙΝΟΝ

ΛΟΝΔΙΝΟΝ, 17. (Ἀσσ. Πρὲς).— Ὁ πρωθυπουργὸς κ. Κρουστσὲφ ἐπανέλαβεν ὅτι ἡ Σοβιετικὴ Ἕνωσις κρατεῖ ἀνοικτὴν τὴν θύραν τῶν συνομιλιῶν διὰ τὴν παῦσιν τῶν πυρηνικῶν δοκιμῶν. Εἰς ἀπάντησιν πρὸς μήνυμα τοῦ πρωθυπουργοῦ Μακμίλλαν, ὁ σοβιετικὸς ἡγέτης ἐδήλωσεν ὅτι εἶναι πρόθυμος νὰ συναντηθῇ μετ' ἀμερικανῶν καὶ βρεταννῶν ἐκπροσώπων. Οὐάσιγκτων, 17.— Ὁ πρόεδρος Κέννεντυ θὰ συναντηθῇ μετὰ τοῦ Πάπα κατὰ τὴν ἐπίσκεψίν του εἰς τὴν Ρώμην. Λονδῖνον, 18. Ὁ ὑπουργὸς Ἐξωτερικῶν τῆς Τουρκίας κ. Ἐρκὶν ἔφθασεν εἰς τὸ Λονδῖνον.

ΤΟΝ ΟΤΣΙΑΝΤΡΥ
ΑΛΛΑΙ ΕΙΔΗΣΕΙΣ

ΛΟΝΔΙΝΟΝ, 17. (Ἀσσ. Πρὲς).— Ὁ πρωθυπουργὸς κ. Κρουστσὲφ ἐπανέλαβεν ὅτι ἡ Σοβιετικὴ Ἕνωσις κρατεῖ ἀνοικτὴν τὴν θύραν τῶν συνομιλιῶν διὰ τὴν παῦσιν τῶν πυρηνικῶν δοκιμῶν. Εἰς ἀπάντησιν πρὸς μήνυμα τοῦ πρωθυπουργοῦ Μακμίλλαν, ὁ σοβιετικὸς ἡγέτης ἐδήλωσεν ὅτι εἶναι πρόθυμος νὰ συναντηθῇ μετ' ἀμερικανῶν καὶ βρεταννῶν ἐκπροσώπων. Οὐάσιγκτων, 17.— Ὁ πρόεδρος Κέννεντυ θὰ συναντηθῇ μετὰ τοῦ Πάπα κατὰ τὴν ἐπίσκεψίν του εἰς τὴν Ρώμην. Λονδῖνον, 18. Ὁ ὑπουργὸς Ἐξωτερικῶν τῆς Τουρκίας κ. Ἐρκὶν ἔφθασεν εἰς τὸ Λονδῖνον.
